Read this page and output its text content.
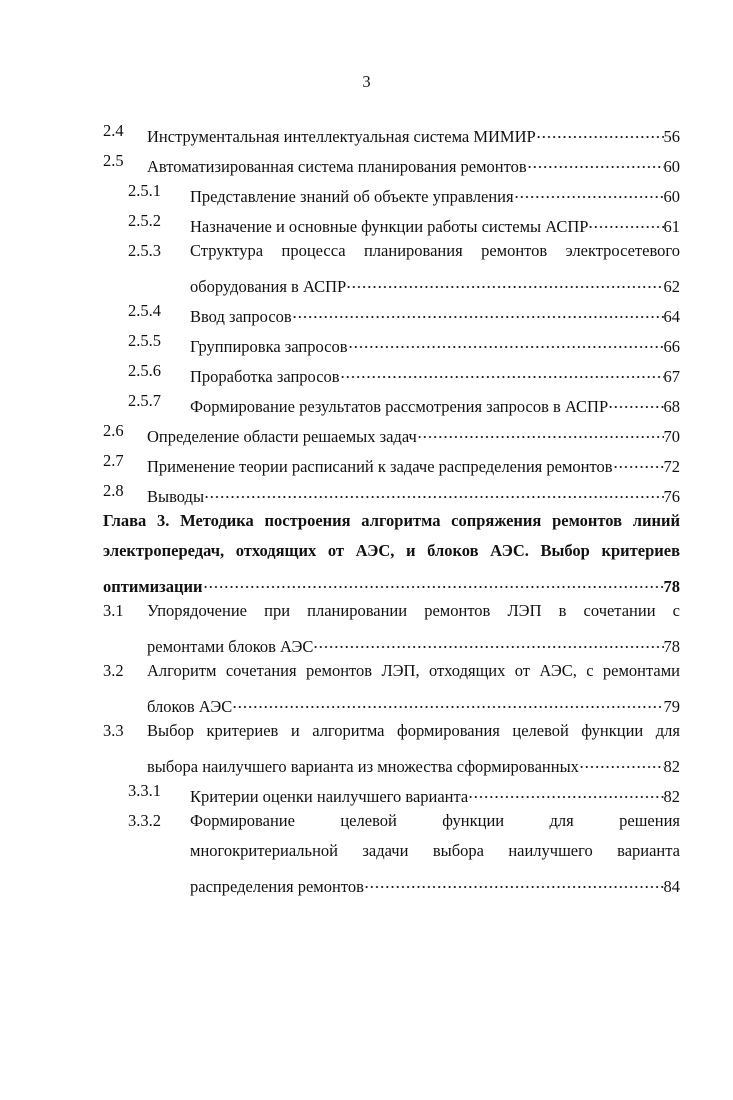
3
2.4 Инструментальная интеллектуальная система МИМИР	56
2.5 Автоматизированная система планирования ремонтов	60
2.5.1 Представление знаний об объекте управления	60
2.5.2 Назначение и основные функции работы системы АСПР	61
2.5.3 Структура процесса планирования ремонтов электросетевого
оборудования в АСПР	62
2.5.4 Ввод запросов	64
2.5.5 Группировка запросов	66
2.5.6 Проработка запросов	67
2.5.7 Формирование результатов рассмотрения запросов в АСПР	68
2.6 Определение области решаемых задач	70
2.7 Применение теории расписаний к задаче распределения ремонтов	72
2.8 Выводы	76
Глава 3. Методика построения алгоритма сопряжения ремонтов линий
электропередач, отходящих от АЭС, и блоков АЭС. Выбор критериев
оптимизации	78
3.1 Упорядочение при планировании ремонтов ЛЭП в сочетании с
ремонтами блоков АЭС	78
3.2 Алгоритм сочетания ремонтов ЛЭП, отходящих от АЭС, с ремонтами
блоков АЭС	79
3.3 Выбор критериев и алгоритма формирования целевой функции для
выбора наилучшего варианта из множества сформированных	82
3.3.1 Критерии оценки наилучшего варианта	82
3.3.2 Формирование целевой функции для решения
многокритериальной задачи выбора наилучшего варианта
распределения ремонтов	84
